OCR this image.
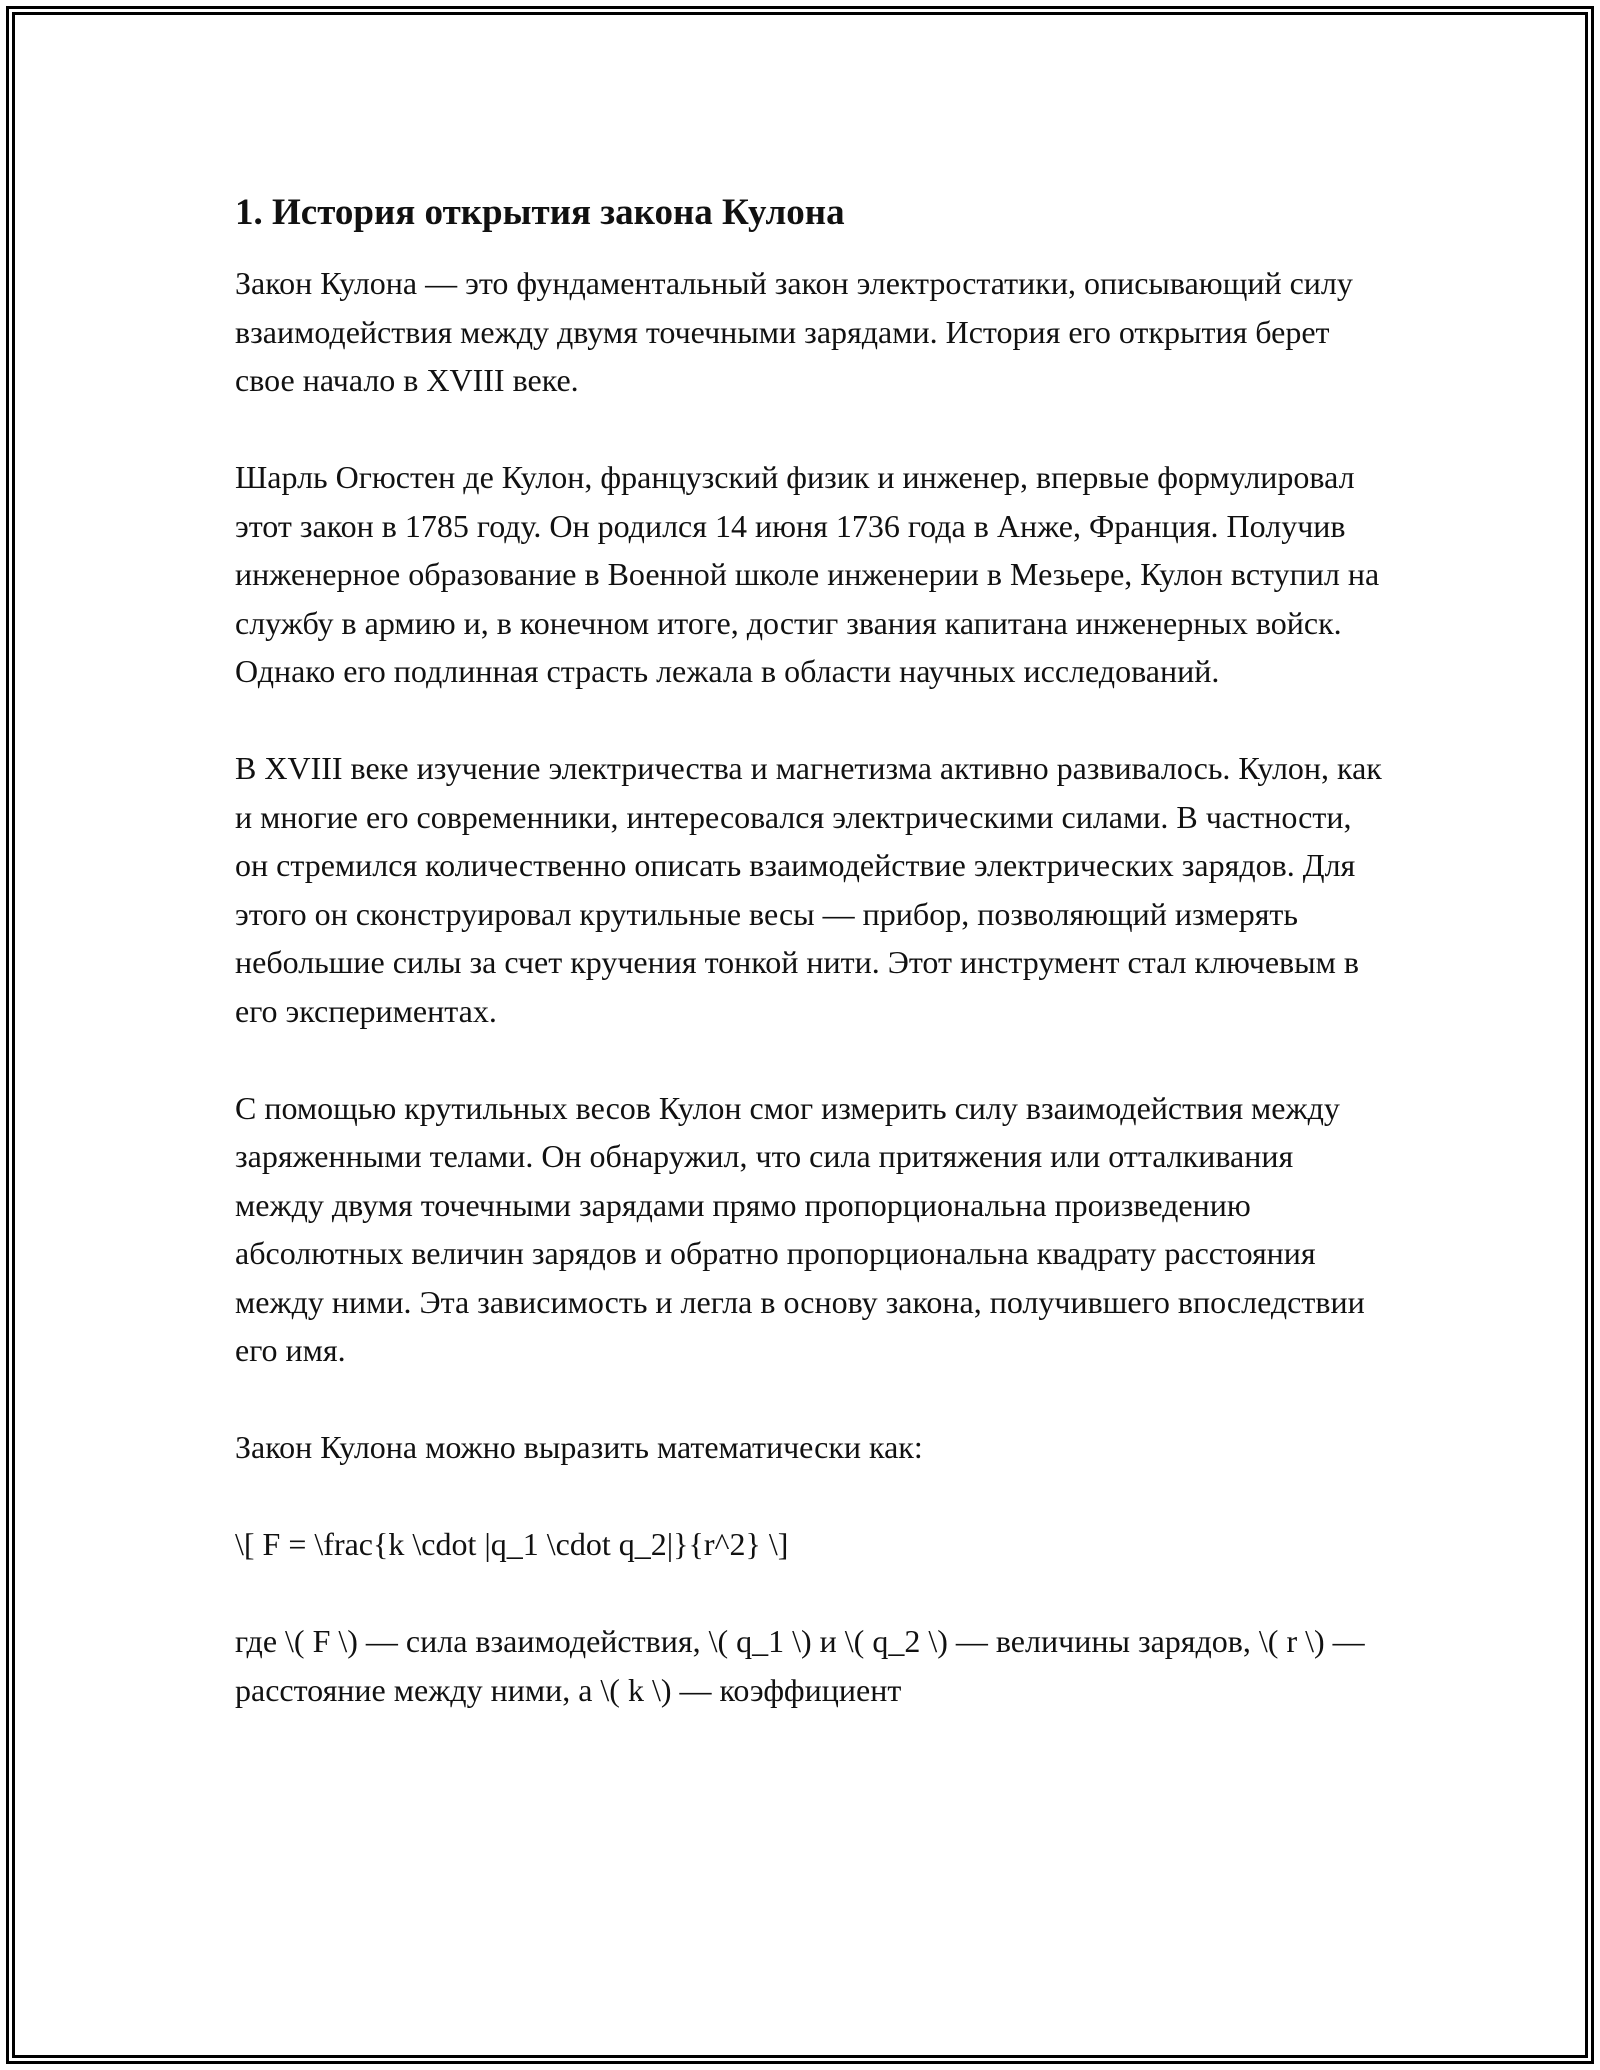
1. История открытия закона Кулона

Закон Кулона — это фундаментальный закон электростатики, описывающий силу взаимодействия между двумя точечными зарядами. История его открытия берет свое начало в XVIII веке.

Шарль Огюстен де Кулон, французский физик и инженер, впервые формулировал этот закон в 1785 году. Он родился 14 июня 1736 года в Анже, Франция. Получив инженерное образование в Военной школе инженерии в Мезьере, Кулон вступил на службу в армию и, в конечном итоге, достиг звания капитана инженерных войск. Однако его подлинная страсть лежала в области научных исследований.

В XVIII веке изучение электричества и магнетизма активно развивалось. Кулон, как и многие его современники, интересовался электрическими силами. В частности, он стремился количественно описать взаимодействие электрических зарядов. Для этого он сконструировал крутильные весы — прибор, позволяющий измерять небольшие силы за счет кручения тонкой нити. Этот инструмент стал ключевым в его экспериментах.

С помощью крутильных весов Кулон смог измерить силу взаимодействия между заряженными телами. Он обнаружил, что сила притяжения или отталкивания между двумя точечными зарядами прямо пропорциональна произведению абсолютных величин зарядов и обратно пропорциональна квадрату расстояния между ними. Эта зависимость и легла в основу закона, получившего впоследствии его имя.

Закон Кулона можно выразить математически как:

\[ F = \frac{k \cdot |q_1 \cdot q_2|}{r^2} \]

где \( F \) — сила взаимодействия, \( q_1 \) и \( q_2 \) — величины зарядов, \( r \) — расстояние между ними, а \( k \) — коэффициент
